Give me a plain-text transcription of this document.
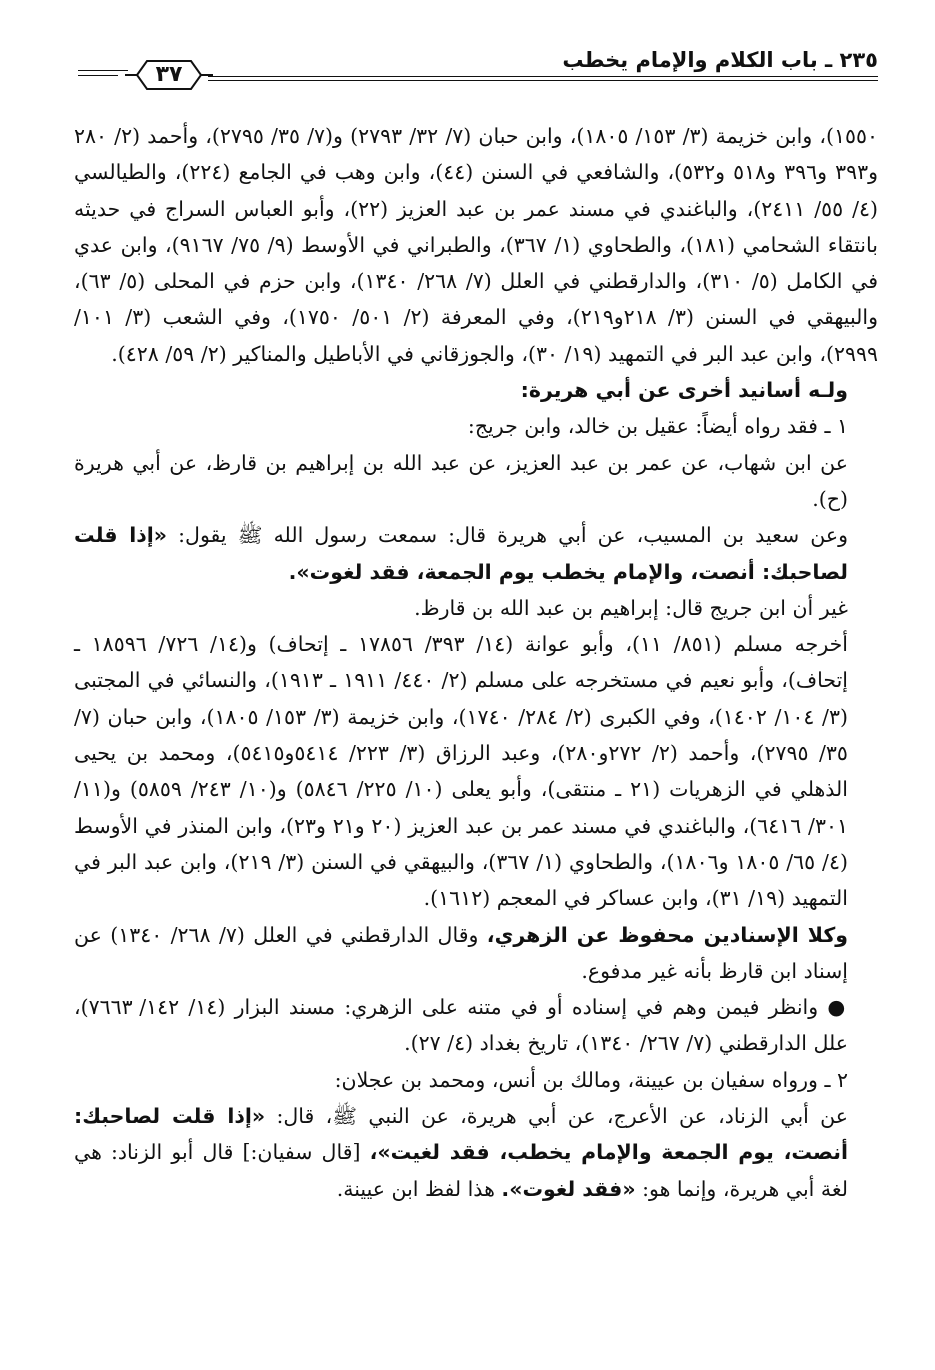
٣٧
٢٣٥ ـ باب الكلام والإمام يخطب

١٥٥٠)، وابن خزيمة (٣/ ١٥٣/ ١٨٠٥)، وابن حبان (٧/ ٣٢/ ٢٧٩٣) و(٧/ ٣٥/ ٢٧٩٥)، وأحمد (٢/ ٢٨٠ و٣٩٣ و٣٩٦ و٥١٨ و٥٣٢)، والشافعي في السنن (٤٤)، وابن وهب في الجامع (٢٢٤)، والطيالسي (٤/ ٥٥/ ٢٤١١)، والباغندي في مسند عمر بن عبد العزيز (٢٢)، وأبو العباس السراج في حديثه بانتقاء الشحامي (١٨١)، والطحاوي (١/ ٣٦٧)، والطبراني في الأوسط (٩/ ٧٥/ ٩١٦٧)، وابن عدي في الكامل (٥/ ٣١٠)، والدارقطني في العلل (٧/ ٢٦٨/ ١٣٤٠)، وابن حزم في المحلى (٥/ ٦٣)، والبيهقي في السنن (٣/ ٢١٨و٢١٩)، وفي المعرفة (٢/ ٥٠١/ ١٧٥٠)، وفي الشعب (٣/ ١٠١/ ٢٩٩٩)، وابن عبد البر في التمهيد (١٩/ ٣٠)، والجوزقاني في الأباطيل والمناكير (٢/ ٥٩/ ٤٢٨).

ولـه أسانيد أخرى عن أبي هريرة:

١ ـ فقد رواه أيضاً: عقيل بن خالد، وابن جريج:

عن ابن شهاب، عن عمر بن عبد العزيز، عن عبد الله بن إبراهيم بن قارظ، عن أبي هريرة (ح).

وعن سعيد بن المسيب، عن أبي هريرة قال: سمعت رسول الله ﷺ يقول: «إذا قلت لصاحبك: أنصت، والإمام يخطب يوم الجمعة، فقد لغوت».

غير أن ابن جريج قال: إبراهيم بن عبد الله بن قارظ.

أخرجه مسلم (٨٥١/ ١١)، وأبو عوانة (١٤/ ٣٩٣/ ١٧٨٥٦ ـ إتحاف) و(١٤/ ٧٢٦/ ١٨٥٩٦ ـ إتحاف)، وأبو نعيم في مستخرجه على مسلم (٢/ ٤٤٠/ ١٩١١ ـ ١٩١٣)، والنسائي في المجتبى (٣/ ١٠٤/ ١٤٠٢)، وفي الكبرى (٢/ ٢٨٤/ ١٧٤٠)، وابن خزيمة (٣/ ١٥٣/ ١٨٠٥)، وابن حبان (٧/ ٣٥/ ٢٧٩٥)، وأحمد (٢/ ٢٧٢و٢٨٠)، وعبد الرزاق (٣/ ٢٢٣/ ٥٤١٤و٥٤١٥)، ومحمد بن يحيى الذهلي في الزهريات (٢١ ـ منتقى)، وأبو يعلى (١٠/ ٢٢٥/ ٥٨٤٦) و(١٠/ ٢٤٣/ ٥٨٥٩) و(١١/ ٣٠١/ ٦٤١٦)، والباغندي في مسند عمر بن عبد العزيز (٢٠ و٢١ و٢٣)، وابن المنذر في الأوسط (٤/ ٦٥/ ١٨٠٥ و١٨٠٦)، والطحاوي (١/ ٣٦٧)، والبيهقي في السنن (٣/ ٢١٩)، وابن عبد البر في التمهيد (١٩/ ٣١)، وابن عساكر في المعجم (١٦١٢).

وكلا الإسنادين محفوظ عن الزهري، وقال الدارقطني في العلل (٧/ ٢٦٨/ ١٣٤٠) عن إسناد ابن قارظ بأنه غير مدفوع.

● وانظر فيمن وهم في إسناده أو في متنه على الزهري: مسند البزار (١٤/ ١٤٢/ ٧٦٦٣)، علل الدارقطني (٧/ ٢٦٧/ ١٣٤٠)، تاريخ بغداد (٤/ ٢٧).

٢ ـ ورواه سفيان بن عيينة، ومالك بن أنس، ومحمد بن عجلان:

عن أبي الزناد، عن الأعرج، عن أبي هريرة، عن النبي ﷺ، قال: «إذا قلت لصاحبك: أنصت، يوم الجمعة والإمام يخطب، فقد لغيت»، [قال سفيان:] قال أبو الزناد: هي لغة أبي هريرة، وإنما هو: «فقد لغوت». هذا لفظ ابن عيينة.
